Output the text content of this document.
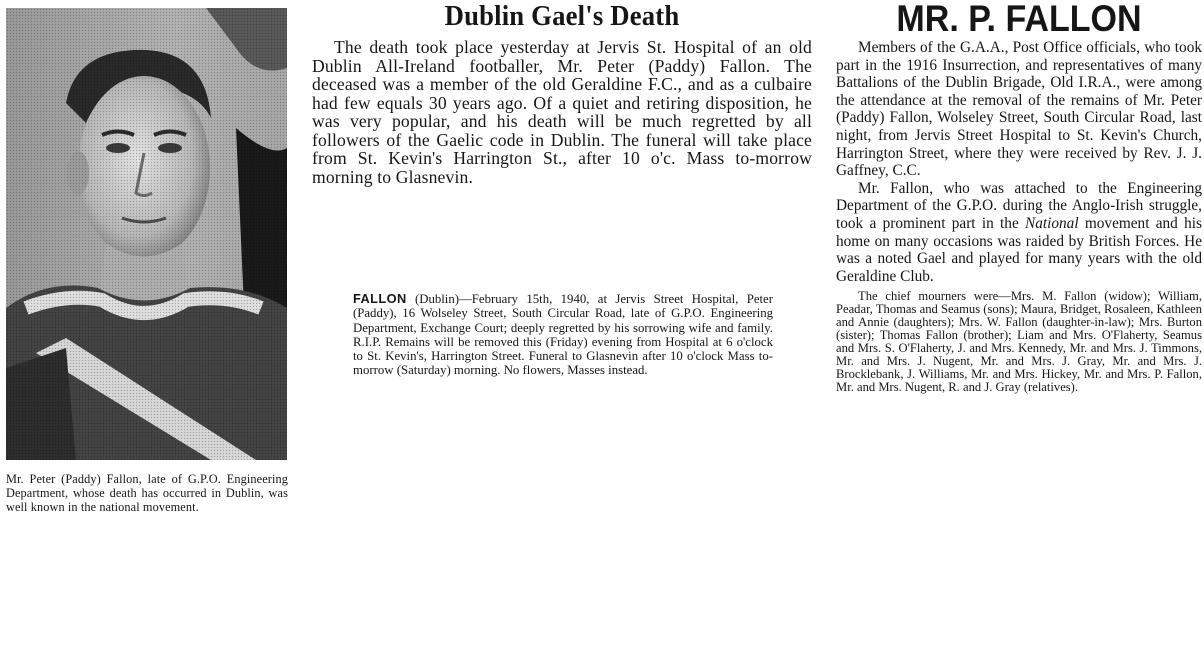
Mr. Peter (Paddy) Fallon, late of G.P.O. Engineering Department, whose death has occurred in Dublin, was well known in the national movement.
Dublin Gael's Death
The death took place yesterday at Jervis St. Hospital of an old Dublin All-Ireland footballer, Mr. Peter (Paddy) Fallon. The deceased was a member of the old Geraldine F.C., and as a culbaire had few equals 30 years ago. Of a quiet and retiring disposition, he was very popular, and his death will be much regretted by all followers of the Gaelic code in Dublin. The funeral will take place from St. Kevin's Harrington St., after 10 o'c. Mass to-morrow morning to Glasnevin.
FALLON (Dublin)—February 15th, 1940, at Jervis Street Hospital, Peter (Paddy), 16 Wolseley Street, South Circular Road, late of G.P.O. Engineering Department, Exchange Court; deeply regretted by his sorrowing wife and family. R.I.P. Remains will be removed this (Friday) evening from Hospital at 6 o'clock to St. Kevin's, Harrington Street. Funeral to Glasnevin after 10 o'clock Mass to-morrow (Saturday) morning. No flowers, Masses instead.
MR. P. FALLON

Members of the G.A.A., Post Office officials, who took part in the 1916 Insurrection, and representatives of many Battalions of the Dublin Brigade, Old I.R.A., were among the attendance at the removal of the remains of Mr. Peter (Paddy) Fallon, Wolseley Street, South Circular Road, last night, from Jervis Street Hospital to St. Kevin's Church, Harrington Street, where they were received by Rev. J. J. Gaffney, C.C.

Mr. Fallon, who was attached to the Engineering Department of the G.P.O. during the Anglo-Irish struggle, took a prominent part in the National movement and his home on many occasions was raided by British Forces. He was a noted Gael and played for many years with the old Geraldine Club.

The chief mourners were—Mrs. M. Fallon (widow); William, Peadar, Thomas and Seamus (sons); Maura, Bridget, Rosaleen, Kathleen and Annie (daughters); Mrs. W. Fallon (daughter-in-law); Mrs. Burton (sister); Thomas Fallon (brother); Liam and Mrs. O'Flaherty, Seamus and Mrs. S. O'Flaherty, J. and Mrs. Kennedy, Mr. and Mrs. J. Timmons, Mr. and Mrs. J. Nugent, Mr. and Mrs. J. Gray, Mr. and Mrs. J. Brocklebank, J. Williams, Mr. and Mrs. Hickey, Mr. and Mrs. P. Fallon, Mr. and Mrs. Nugent, R. and J. Gray (relatives).
